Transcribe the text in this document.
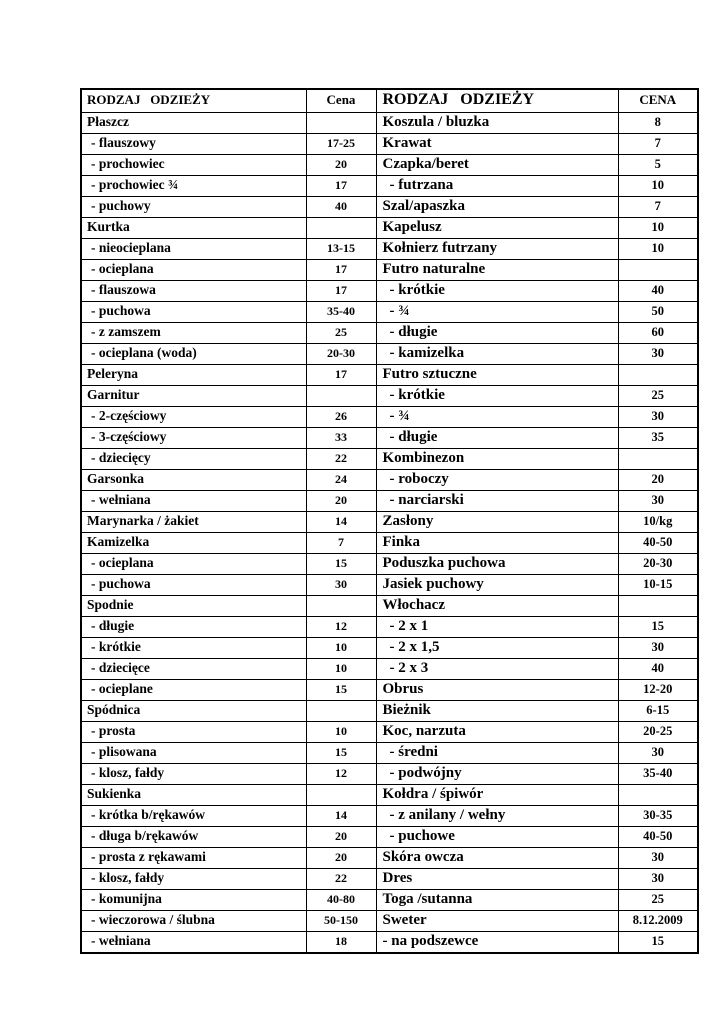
RODZAJ   ODZIEŻY	Cena	RODZAJ   ODZIEŻY	CENA
Płaszcz		Koszula / bluzka	8
- flauszowy	17-25	Krawat	7
- prochowiec	20	Czapka/beret	5
- prochowiec ¾	17	- futrzana	10
- puchowy	40	Szal/apaszka	7
Kurtka		Kapelusz	10
- nieocieplana	13-15	Kołnierz futrzany	10
- ocieplana	17	Futro naturalne	
- flauszowa	17	- krótkie	40
- puchowa	35-40	- ¾	50
- z zamszem	25	- długie	60
- ocieplana (woda)	20-30	- kamizelka	30
Peleryna	17	Futro sztuczne	
Garnitur		- krótkie	25
- 2-częściowy	26	- ¾	30
- 3-częściowy	33	- długie	35
- dziecięcy	22	Kombinezon	
Garsonka	24	- roboczy	20
- wełniana	20	- narciarski	30
Marynarka / żakiet	14	Zasłony	10/kg
Kamizelka	7	Finka	40-50
- ocieplana	15	Poduszka puchowa	20-30
- puchowa	30	Jasiek puchowy	10-15
Spodnie		Włochacz	
- długie	12	- 2 x 1	15
- krótkie	10	- 2 x 1,5	30
- dziecięce	10	- 2 x 3	40
- ocieplane	15	Obrus	12-20
Spódnica		Bieżnik	6-15
- prosta	10	Koc, narzuta	20-25
- plisowana	15	- średni	30
- klosz, fałdy	12	- podwójny	35-40
Sukienka		Kołdra / śpiwór	
- krótka b/rękawów	14	- z anilany / wełny	30-35
- długa b/rękawów	20	- puchowe	40-50
- prosta z rękawami	20	Skóra owcza	30
- klosz, fałdy	22	Dres	30
- komunijna	40-80	Toga /sutanna	25
- wieczorowa / ślubna	50-150	Sweter	8.12.2009
- wełniana	18	- na podszewce	15
